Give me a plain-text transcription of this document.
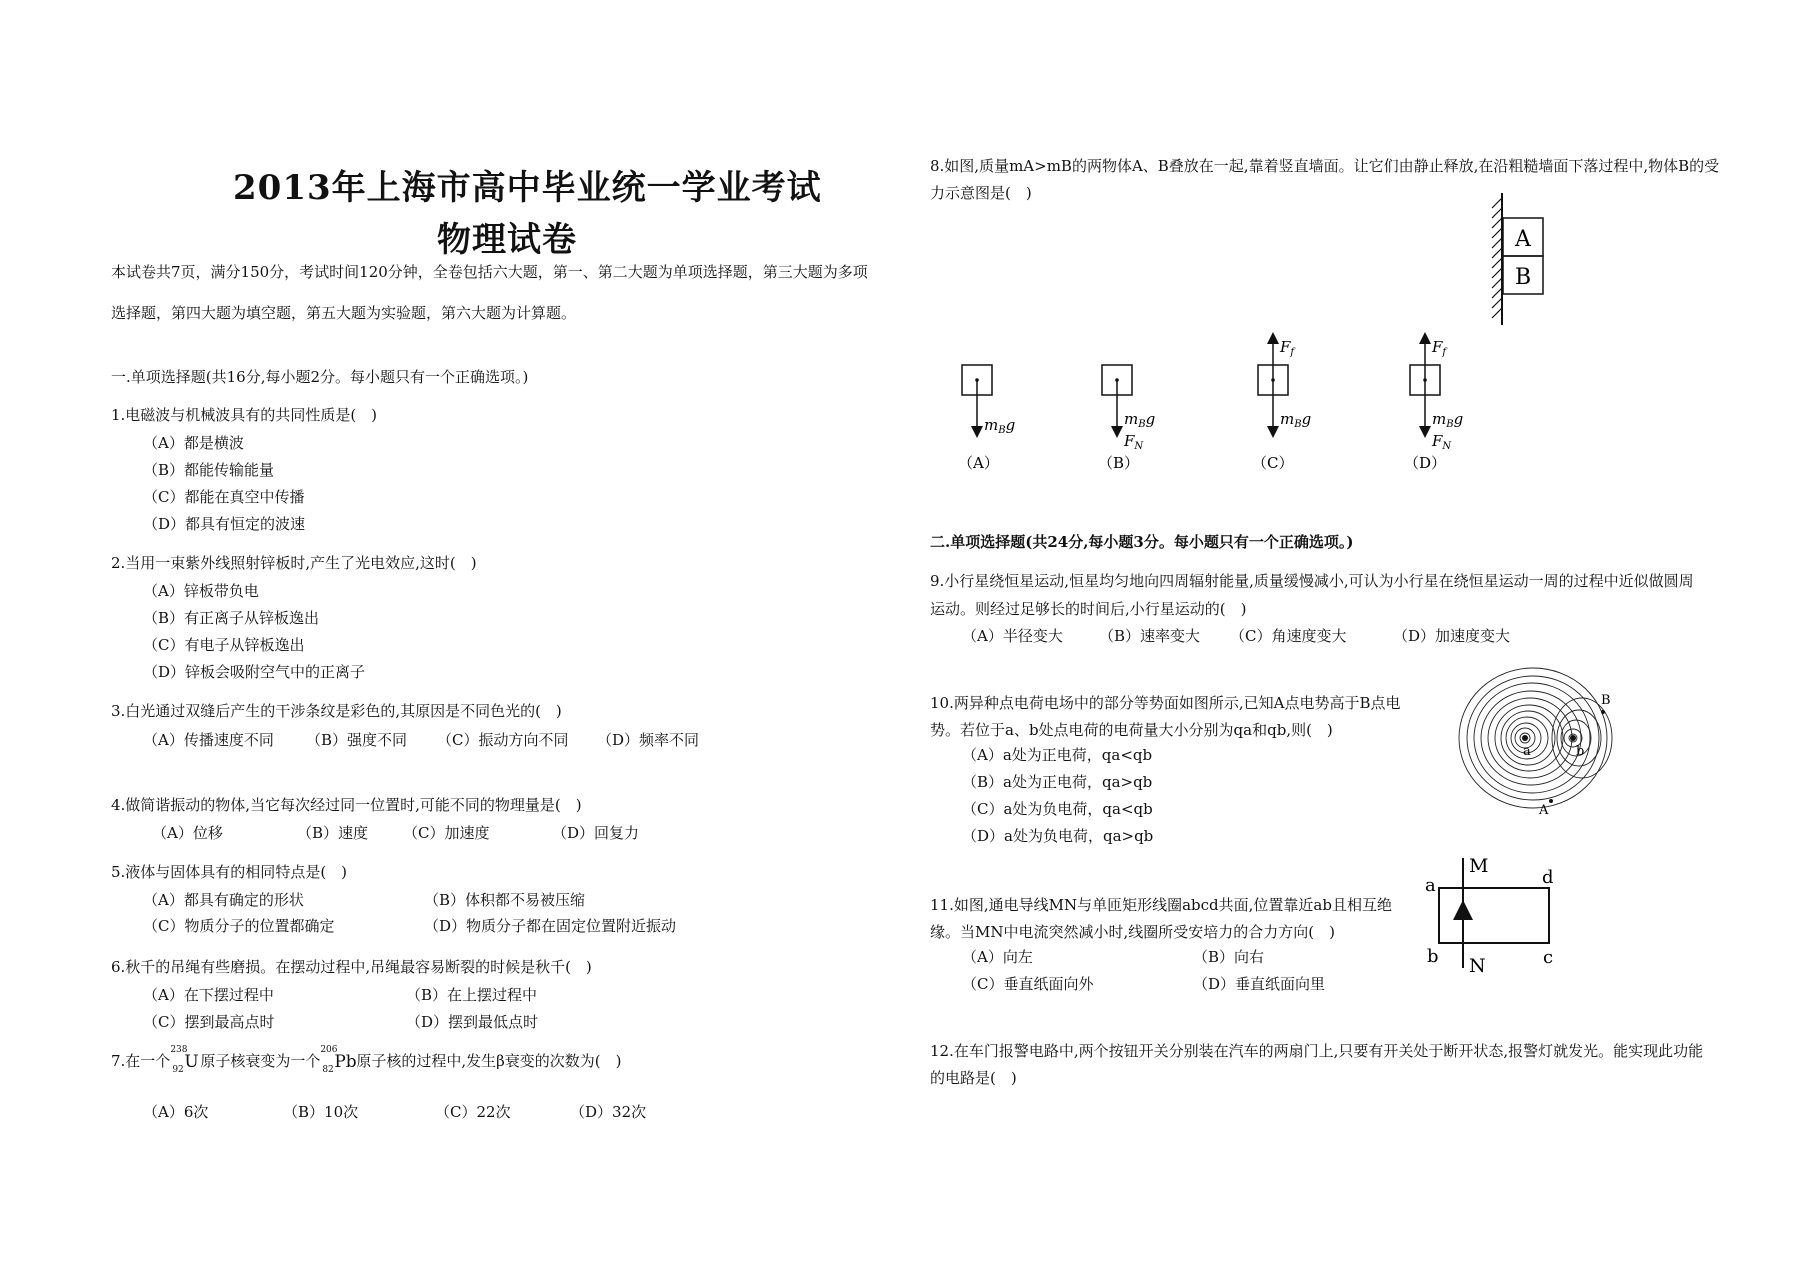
2013年上海市高中毕业统一学业考试
物理试卷
本试卷共7页，满分150分，考试时间120分钟，全卷包括六大题，第一、第二大题为单项选择题，第三大题为多项
选择题，第四大题为填空题，第五大题为实验题，第六大题为计算题。
一.单项选择题(共16分,每小题2分。每小题只有一个正确选项。)
1.电磁波与机械波具有的共同性质是(　)
（A）都是横波
（B）都能传输能量
（C）都能在真空中传播
（D）都具有恒定的波速
2.当用一束紫外线照射锌板时,产生了光电效应,这时(　)
（A）锌板带负电
（B）有正离子从锌板逸出
（C）有电子从锌板逸出
（D）锌板会吸附空气中的正离子
3.白光通过双缝后产生的干涉条纹是彩色的,其原因是不同色光的(　)
（A）传播速度不同 （B）强度不同 （C）振动方向不同 （D）频率不同
4.做简谐振动的物体,当它每次经过同一位置时,可能不同的物理量是(　)
（A）位移	（B）速度 （C）加速度	（D）回复力
5.液体与固体具有的相同特点是(　)
（A）都具有确定的形状	（B）体积都不易被压缩
（C）物质分子的位置都确定	（D）物质分子都在固定位置附近振动
6.秋千的吊绳有些磨损。在摆动过程中,吊绳最容易断裂的时候是秋千(　)
（A）在下摆过程中	（B）在上摆过程中
（C）摆到最高点时	（D）摆到最低点时
7.在一个
238
92 U 原子核衰变为一个
206
82 Pb 原子核的过程中,发生β衰变的次数为(　)
（A）6次	（B）10次	（C）22次	（D）32次
8.如图,质量mA>mB的两物体A、B叠放在一起,靠着竖直墙面。让它们由静止释放,在沿粗糙墙面下落过程中,物体B的受
力示意图是(　)
A
B
$m_Bg$
（A）
$m_Bg$
$F_N$
（B）
$F_f$
$m_Bg$
（C）
$F_f$
$m_Bg$
$F_N$
（D）
二.单项选择题(共24分,每小题3分。每小题只有一个正确选项。)
9.小行星绕恒星运动,恒星均匀地向四周辐射能量,质量缓慢减小,可认为小行星在绕恒星运动一周的过程中近似做圆周
运动。则经过足够长的时间后,小行星运动的(　)
（A）半径变大 （B）速率变大 （C）角速度变大	（D）加速度变大
10.两异种点电荷电场中的部分等势面如图所示,已知A点电势高于B点电
势。若位于a、b处点电荷的电荷量大小分别为qa和qb,则(　)
（A）a处为正电荷，qa<qb
（B）a处为正电荷，qa>qb
（C）a处为负电荷，qa<qb
（D）a处为负电荷，qa>qb
a	b
B
A
11.如图,通电导线MN与单匝矩形线圈abcd共面,位置靠近ab且相互绝
缘。当MN中电流突然减小时,线圈所受安培力的合力方向(　)
（A）向左	（B）向右
（C）垂直纸面向外	（D）垂直纸面向里
M
N
a
b	c
d
12.在车门报警电路中,两个按钮开关分别装在汽车的两扇门上,只要有开关处于断开状态,报警灯就发光。能实现此功能
的电路是(　)
